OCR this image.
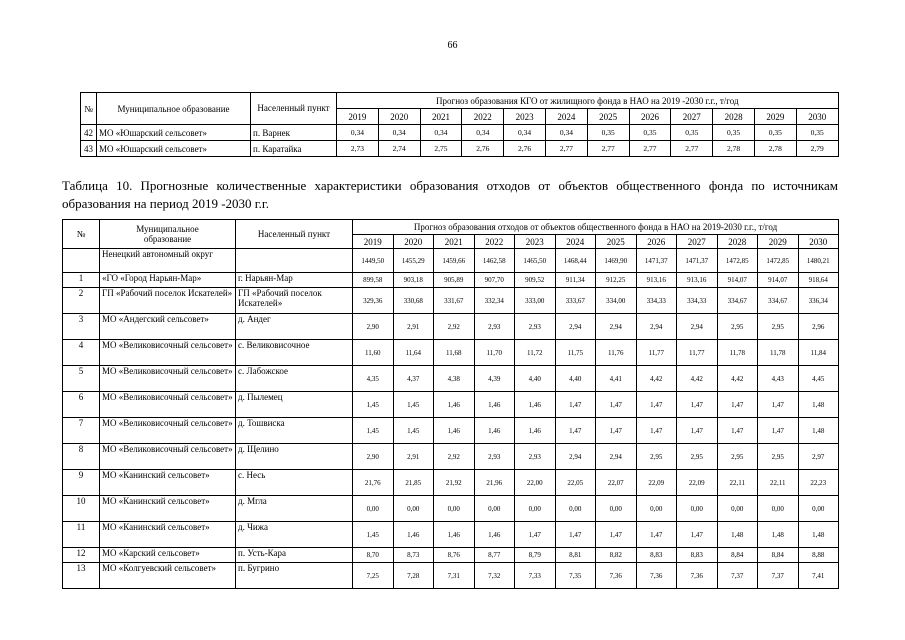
66
№	Муниципальное образование	Населенный пункт	Прогноз образования КГО от жилищного фонда в НАО на 2019 -2030 г.г., т/год											
			2019	2020	2021	2022	2023	2024	2025	2026	2027	2028	2029	2030
42	МО «Юшарский сельсовет»	п. Варнек	0,34	0,34	0,34	0,34	0,34	0,34	0,35	0,35	0,35	0,35	0,35	0,35
43	МО «Юшарский сельсовет»	п. Каратайка	2,73	2,74	2,75	2,76	2,76	2,77	2,77	2,77	2,77	2,78	2,78	2,79
Таблица 10. Прогнозные количественные характеристики образования отходов от объектов общественного фонда по источникам образования на период 2019 -2030 г.г.
№	Муниципальное образование	Населенный пункт	Прогноз образования отходов от объектов общественного фонда в НАО на 2019-2030 г.г., т/год											
			2019	2020	2021	2022	2023	2024	2025	2026	2027	2028	2029	2030
	Ненецкий автономный округ		1449,50	1455,29	1459,66	1462,58	1465,50	1468,44	1469,90	1471,37	1471,37	1472,85	1472,85	1480,21
1	«ГО «Город Нарьян-Мар»	г. Нарьян-Мар	899,58	903,18	905,89	907,70	909,52	911,34	912,25	913,16	913,16	914,07	914,07	918,64
2	ГП «Рабочий поселок Искателей»	ГП «Рабочий поселок Искателей»	329,36	330,68	331,67	332,34	333,00	333,67	334,00	334,33	334,33	334,67	334,67	336,34
3	МО «Андегский сельсовет»	д. Андег	2,90	2,91	2,92	2,93	2,93	2,94	2,94	2,94	2,94	2,95	2,95	2,96
4	МО «Великовисочный сельсовет»	с. Великовисочное	11,60	11,64	11,68	11,70	11,72	11,75	11,76	11,77	11,77	11,78	11,78	11,84
5	МО «Великовисочный сельсовет»	с. Лабожское	4,35	4,37	4,38	4,39	4,40	4,40	4,41	4,42	4,42	4,42	4,43	4,45
6	МО «Великовисочный сельсовет»	д. Пылемец	1,45	1,45	1,46	1,46	1,46	1,47	1,47	1,47	1,47	1,47	1,47	1,48
7	МО «Великовисочный сельсовет»	д. Тошвиска	1,45	1,45	1,46	1,46	1,46	1,47	1,47	1,47	1,47	1,47	1,47	1,48
8	МО «Великовисочный сельсовет»	д. Щелино	2,90	2,91	2,92	2,93	2,93	2,94	2,94	2,95	2,95	2,95	2,95	2,97
9	МО «Канинский сельсовет»	с. Несь	21,76	21,85	21,92	21,96	22,00	22,05	22,07	22,09	22,09	22,11	22,11	22,23
10	МО «Канинский сельсовет»	д. Мгла	0,00	0,00	0,00	0,00	0,00	0,00	0,00	0,00	0,00	0,00	0,00	0,00
11	МО «Канинский сельсовет»	д. Чижа	1,45	1,46	1,46	1,46	1,47	1,47	1,47	1,47	1,47	1,48	1,48	1,48
12	МО «Карский сельсовет»	п. Усть-Кара	8,70	8,73	8,76	8,77	8,79	8,81	8,82	8,83	8,83	8,84	8,84	8,88
13	МО «Колгуевский сельсовет»	п. Бугрино	7,25	7,28	7,31	7,32	7,33	7,35	7,36	7,36	7,36	7,37	7,37	7,41
